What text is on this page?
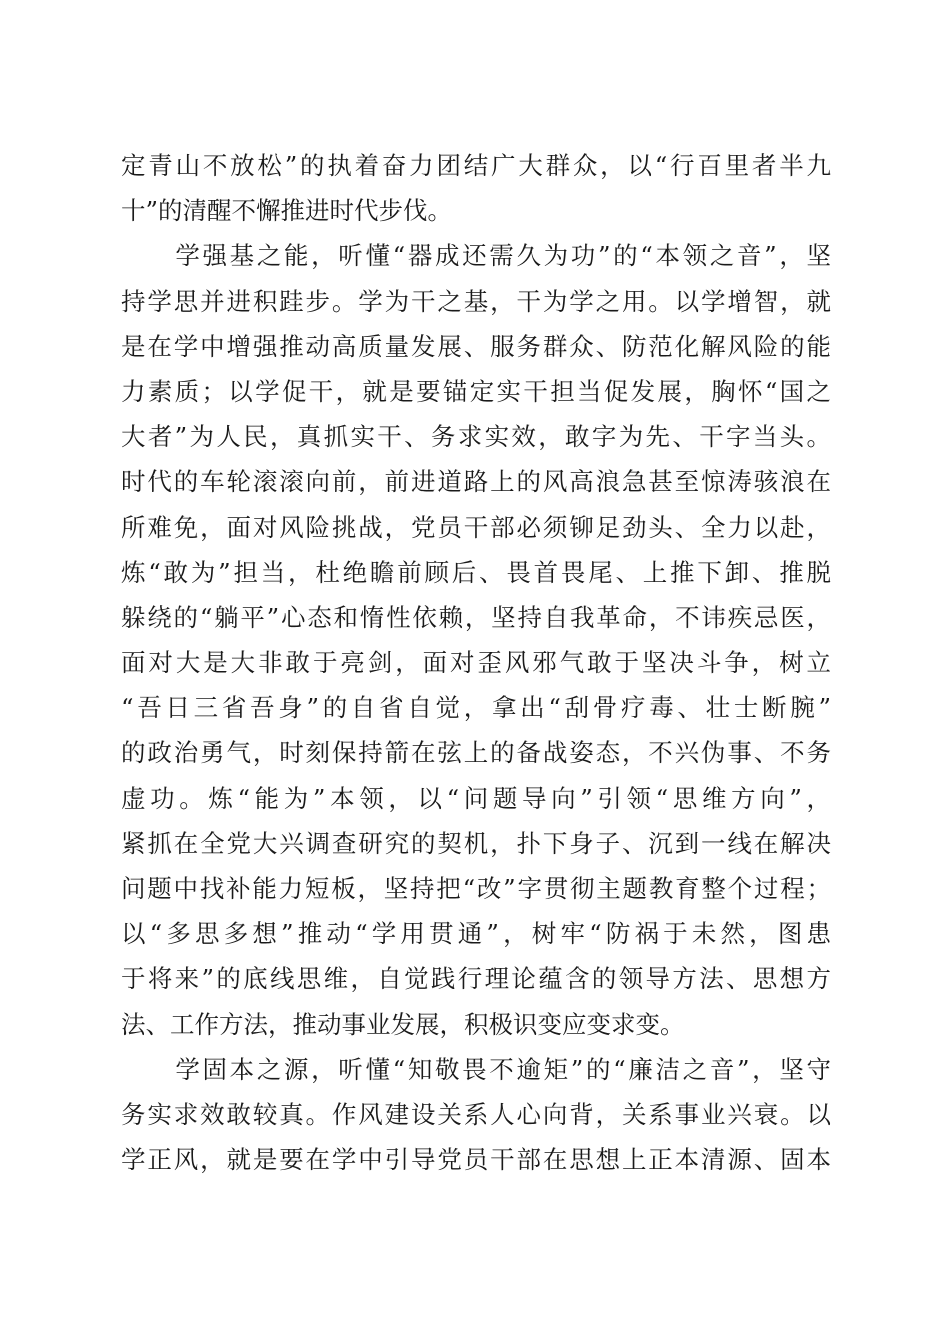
定青山不放松”的执着奋力团结广大群众，以“行百里者半九
十”的清醒不懈推进时代步伐。
　　学强基之能，听懂“器成还需久为功”的“本领之音”，坚
持学思并进积跬步。学为干之基，干为学之用。以学增智，就
是在学中增强推动高质量发展、服务群众、防范化解风险的能
力素质；以学促干，就是要锚定实干担当促发展，胸怀“国之
大者”为人民，真抓实干、务求实效，敢字为先、干字当头。
时代的车轮滚滚向前，前进道路上的风高浪急甚至惊涛骇浪在
所难免，面对风险挑战，党员干部必须铆足劲头、全力以赴，
炼“敢为”担当，杜绝瞻前顾后、畏首畏尾、上推下卸、推脱
躲绕的“躺平”心态和惰性依赖，坚持自我革命，不讳疾忌医，
面对大是大非敢于亮剑，面对歪风邪气敢于坚决斗争，树立
“吾日三省吾身”的自省自觉，拿出“刮骨疗毒、壮士断腕”
的政治勇气，时刻保持箭在弦上的备战姿态，不兴伪事、不务
虚功。炼“能为”本领，以“问题导向”引领“思维方向”，
紧抓在全党大兴调查研究的契机，扑下身子、沉到一线在解决
问题中找补能力短板，坚持把“改”字贯彻主题教育整个过程；
以“多思多想”推动“学用贯通”，树牢“防祸于未然，图患
于将来”的底线思维，自觉践行理论蕴含的领导方法、思想方
法、工作方法，推动事业发展，积极识变应变求变。
　　学固本之源，听懂“知敬畏不逾矩”的“廉洁之音”，坚守
务实求效敢较真。作风建设关系人心向背，关系事业兴衰。以
学正风，就是要在学中引导党员干部在思想上正本清源、固本
